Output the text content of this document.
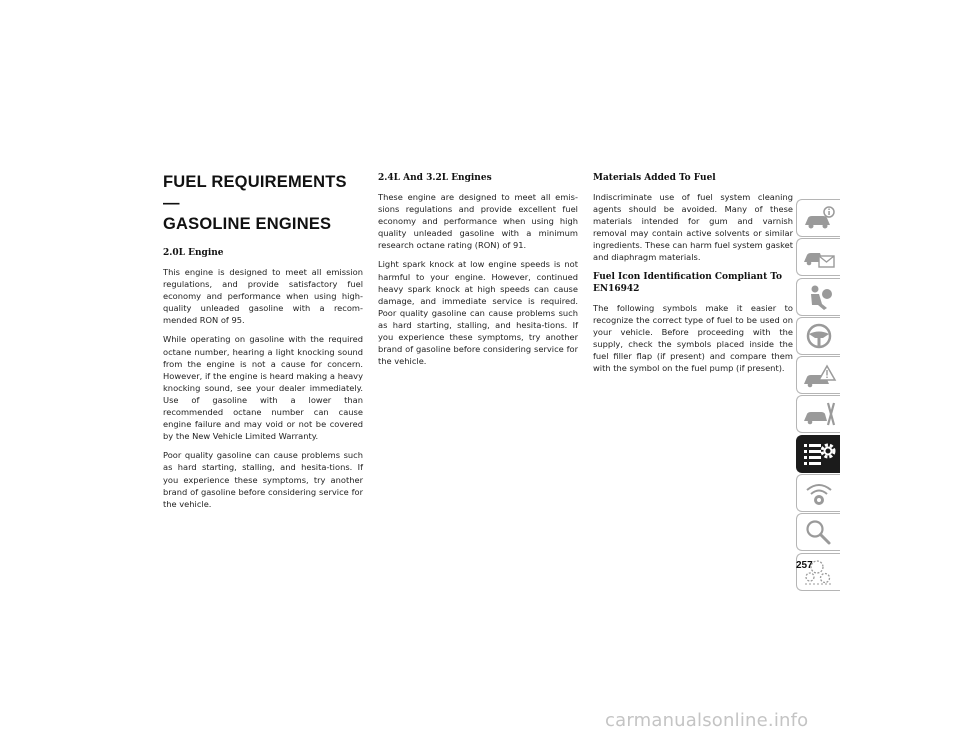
FUEL REQUIREMENTS —
GASOLINE ENGINES
2.0L Engine

This engine is designed to meet all emission regulations, and provide satisfactory fuel economy and performance when using high-quality unleaded gasoline with a recom-mended RON of 95.

While operating on gasoline with the required octane number, hearing a light knocking sound from the engine is not a cause for concern. However, if the engine is heard making a heavy knocking sound, see your dealer immediately. Use of gasoline with a lower than recommended octane number can cause engine failure and may void or not be covered by the New Vehicle Limited Warranty.

Poor quality gasoline can cause problems such as hard starting, stalling, and hesita-tions. If you experience these symptoms, try another brand of gasoline before considering service for the vehicle.

2.4L And 3.2L Engines

These engine are designed to meet all emis-sions regulations and provide excellent fuel economy and performance when using high quality unleaded gasoline with a minimum research octane rating (RON) of 91.

Light spark knock at low engine speeds is not harmful to your engine. However, continued heavy spark knock at high speeds can cause damage, and immediate service is required. Poor quality gasoline can cause problems such as hard starting, stalling, and hesita-tions. If you experience these symptoms, try another brand of gasoline before considering service for the vehicle.

Materials Added To Fuel

Indiscriminate use of fuel system cleaning agents should be avoided. Many of these materials intended for gum and varnish removal may contain active solvents or similar ingredients. These can harm fuel system gasket and diaphragm materials.

Fuel Icon Identification Compliant To
EN16942

The following symbols make it easier to recognize the correct type of fuel to be used on your vehicle. Before proceeding with the supply, check the symbols placed inside the fuel filler flap (if present) and compare them with the symbol on the fuel pump (if present).

257
carmanualsonline.info
